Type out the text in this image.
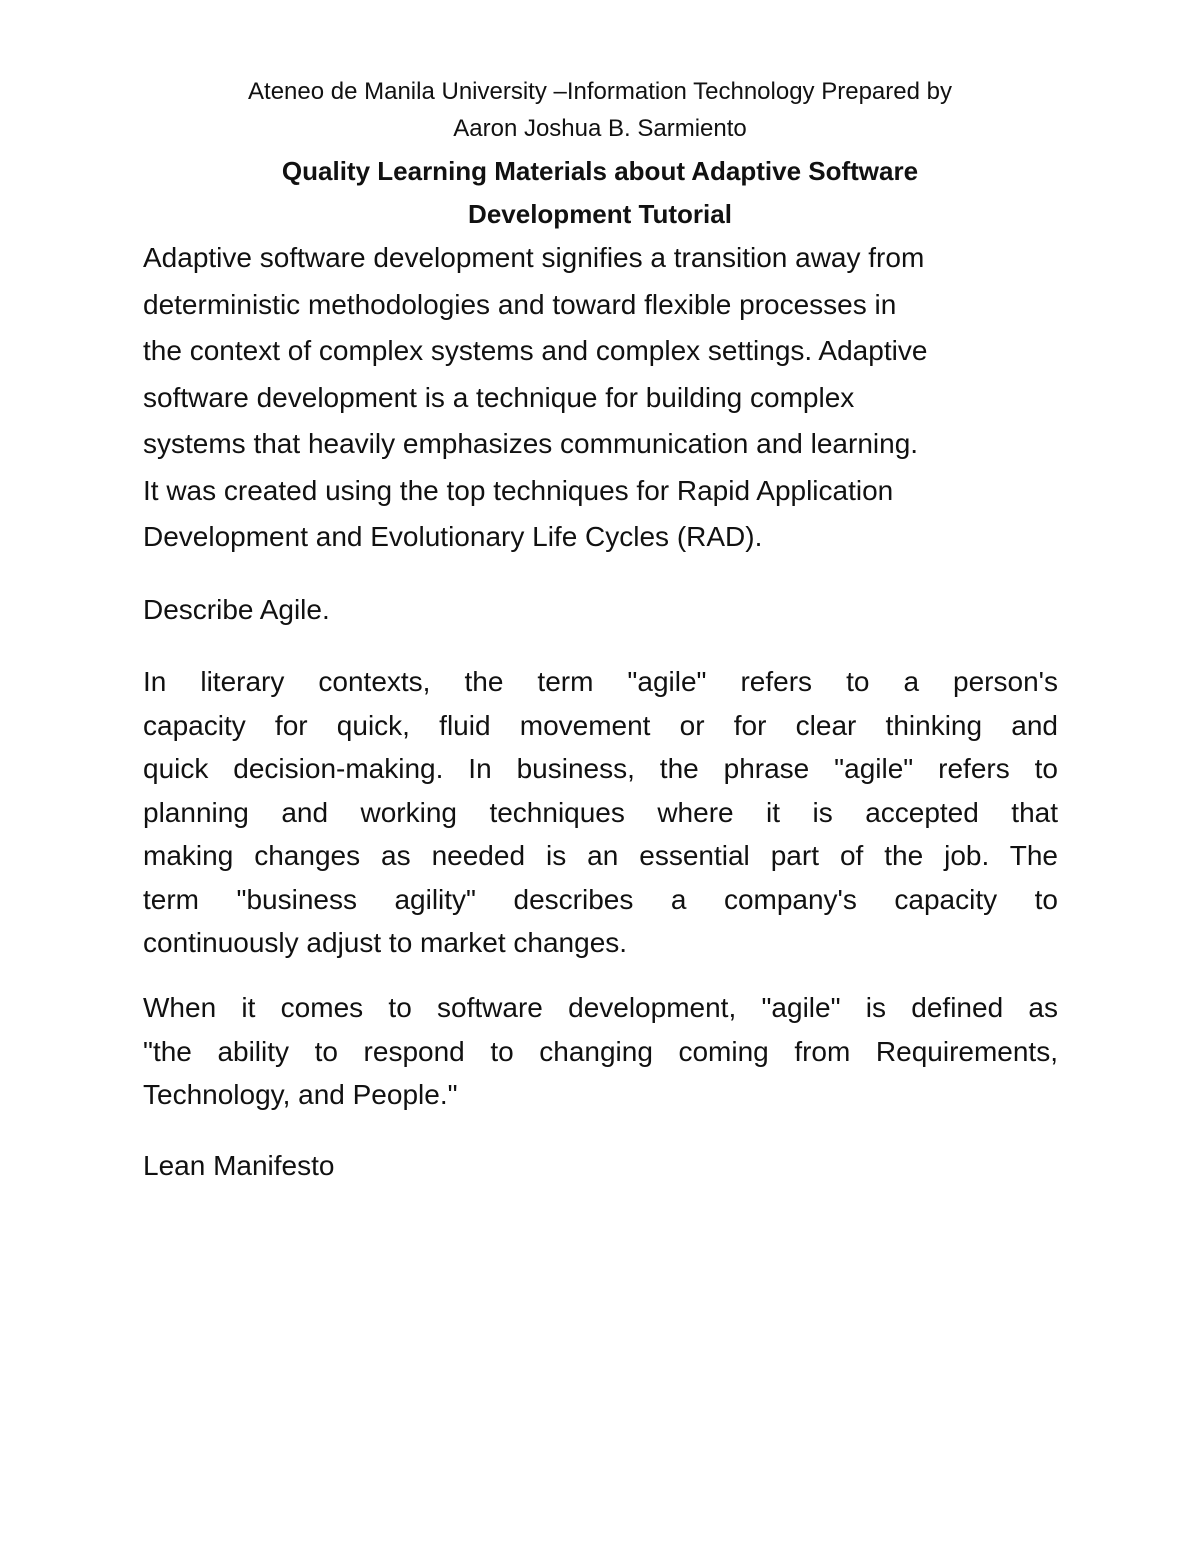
Ateneo de Manila University –Information Technology Prepared by
Aaron Joshua B. Sarmiento
Quality Learning Materials about Adaptive Software
Development Tutorial
Adaptive software development signifies a transition away from
deterministic methodologies and toward flexible processes in
the context of complex systems and complex settings. Adaptive
software development is a technique for building complex
systems that heavily emphasizes communication and learning.
It was created using the top techniques for Rapid Application
Development and Evolutionary Life Cycles (RAD).
Describe Agile.
In literary contexts, the term "agile" refers to a person's
capacity for quick, fluid movement or for clear thinking and
quick decision-making. In business, the phrase "agile" refers to
planning and working techniques where it is accepted that
making changes as needed is an essential part of the job. The
term "business agility" describes a company's capacity to
continuously adjust to market changes.
When it comes to software development, "agile" is defined as
"the ability to respond to changing coming from Requirements,
Technology, and People."
Lean Manifesto
